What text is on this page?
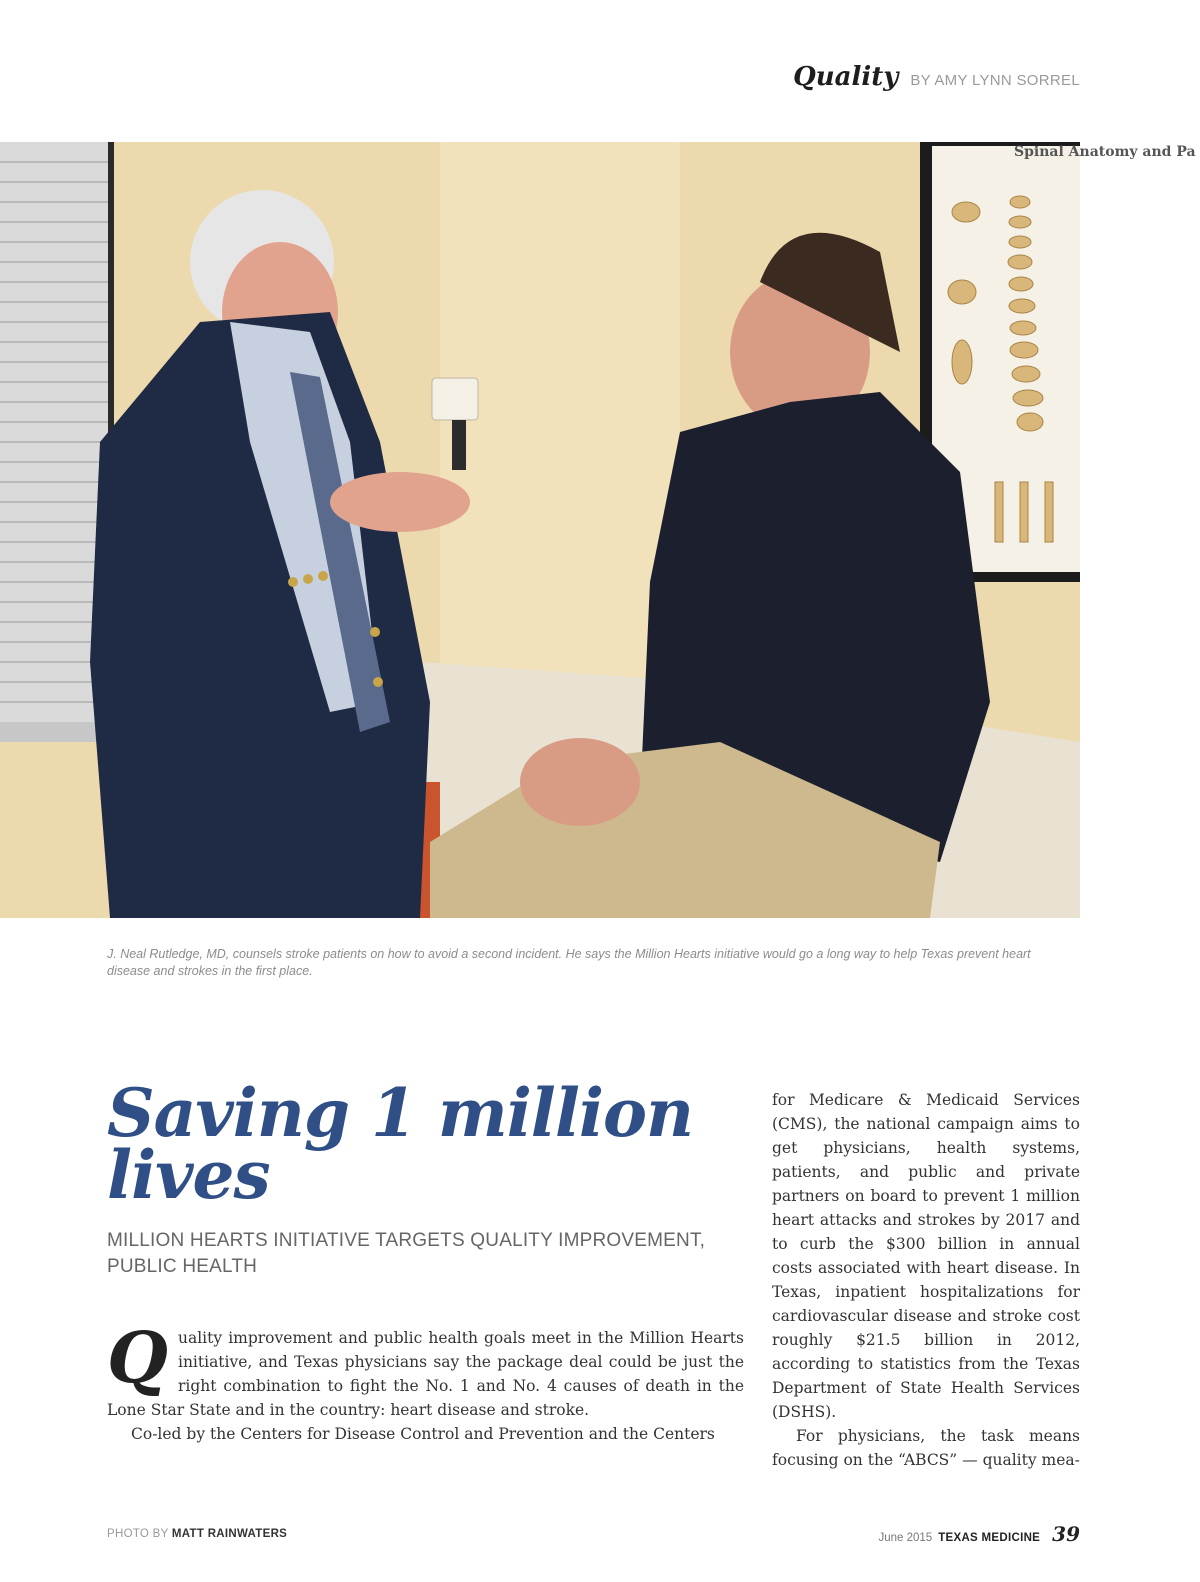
Quality BY AMY LYNN SORREL
Spinal Anatomy and Pa
J. Neal Rutledge, MD, counsels stroke patients on how to avoid a second incident. He says the Million Hearts initiative would go a long way to help Texas prevent heart disease and strokes in the first place.
Saving 1 million lives
MILLION HEARTS INITIATIVE TARGETS QUALITY IMPROVEMENT, PUBLIC HEALTH

Quality improvement and public health goals meet in the Million Hearts initiative, and Texas physicians say the package deal could be just the right combination to fight the No. 1 and No. 4 causes of death in the Lone Star State and in the country: heart disease and stroke.

Co-led by the Centers for Disease Control and Prevention and the Centers

for Medicare & Medicaid Services (CMS), the national campaign aims to get physicians, health systems, patients, and public and private partners on board to prevent 1 million heart attacks and strokes by 2017 and to curb the $300 billion in annual costs associated with heart disease. In Texas, inpatient hospitalizations for cardiovascular disease and stroke cost roughly $21.5 billion in 2012, according to statistics from the Texas Department of State Health Services (DSHS).

For physicians, the task means focusing on the “ABCS” — quality mea-

PHOTO BY MATT RAINWATERS	June 2015 TEXAS MEDICINE 39
